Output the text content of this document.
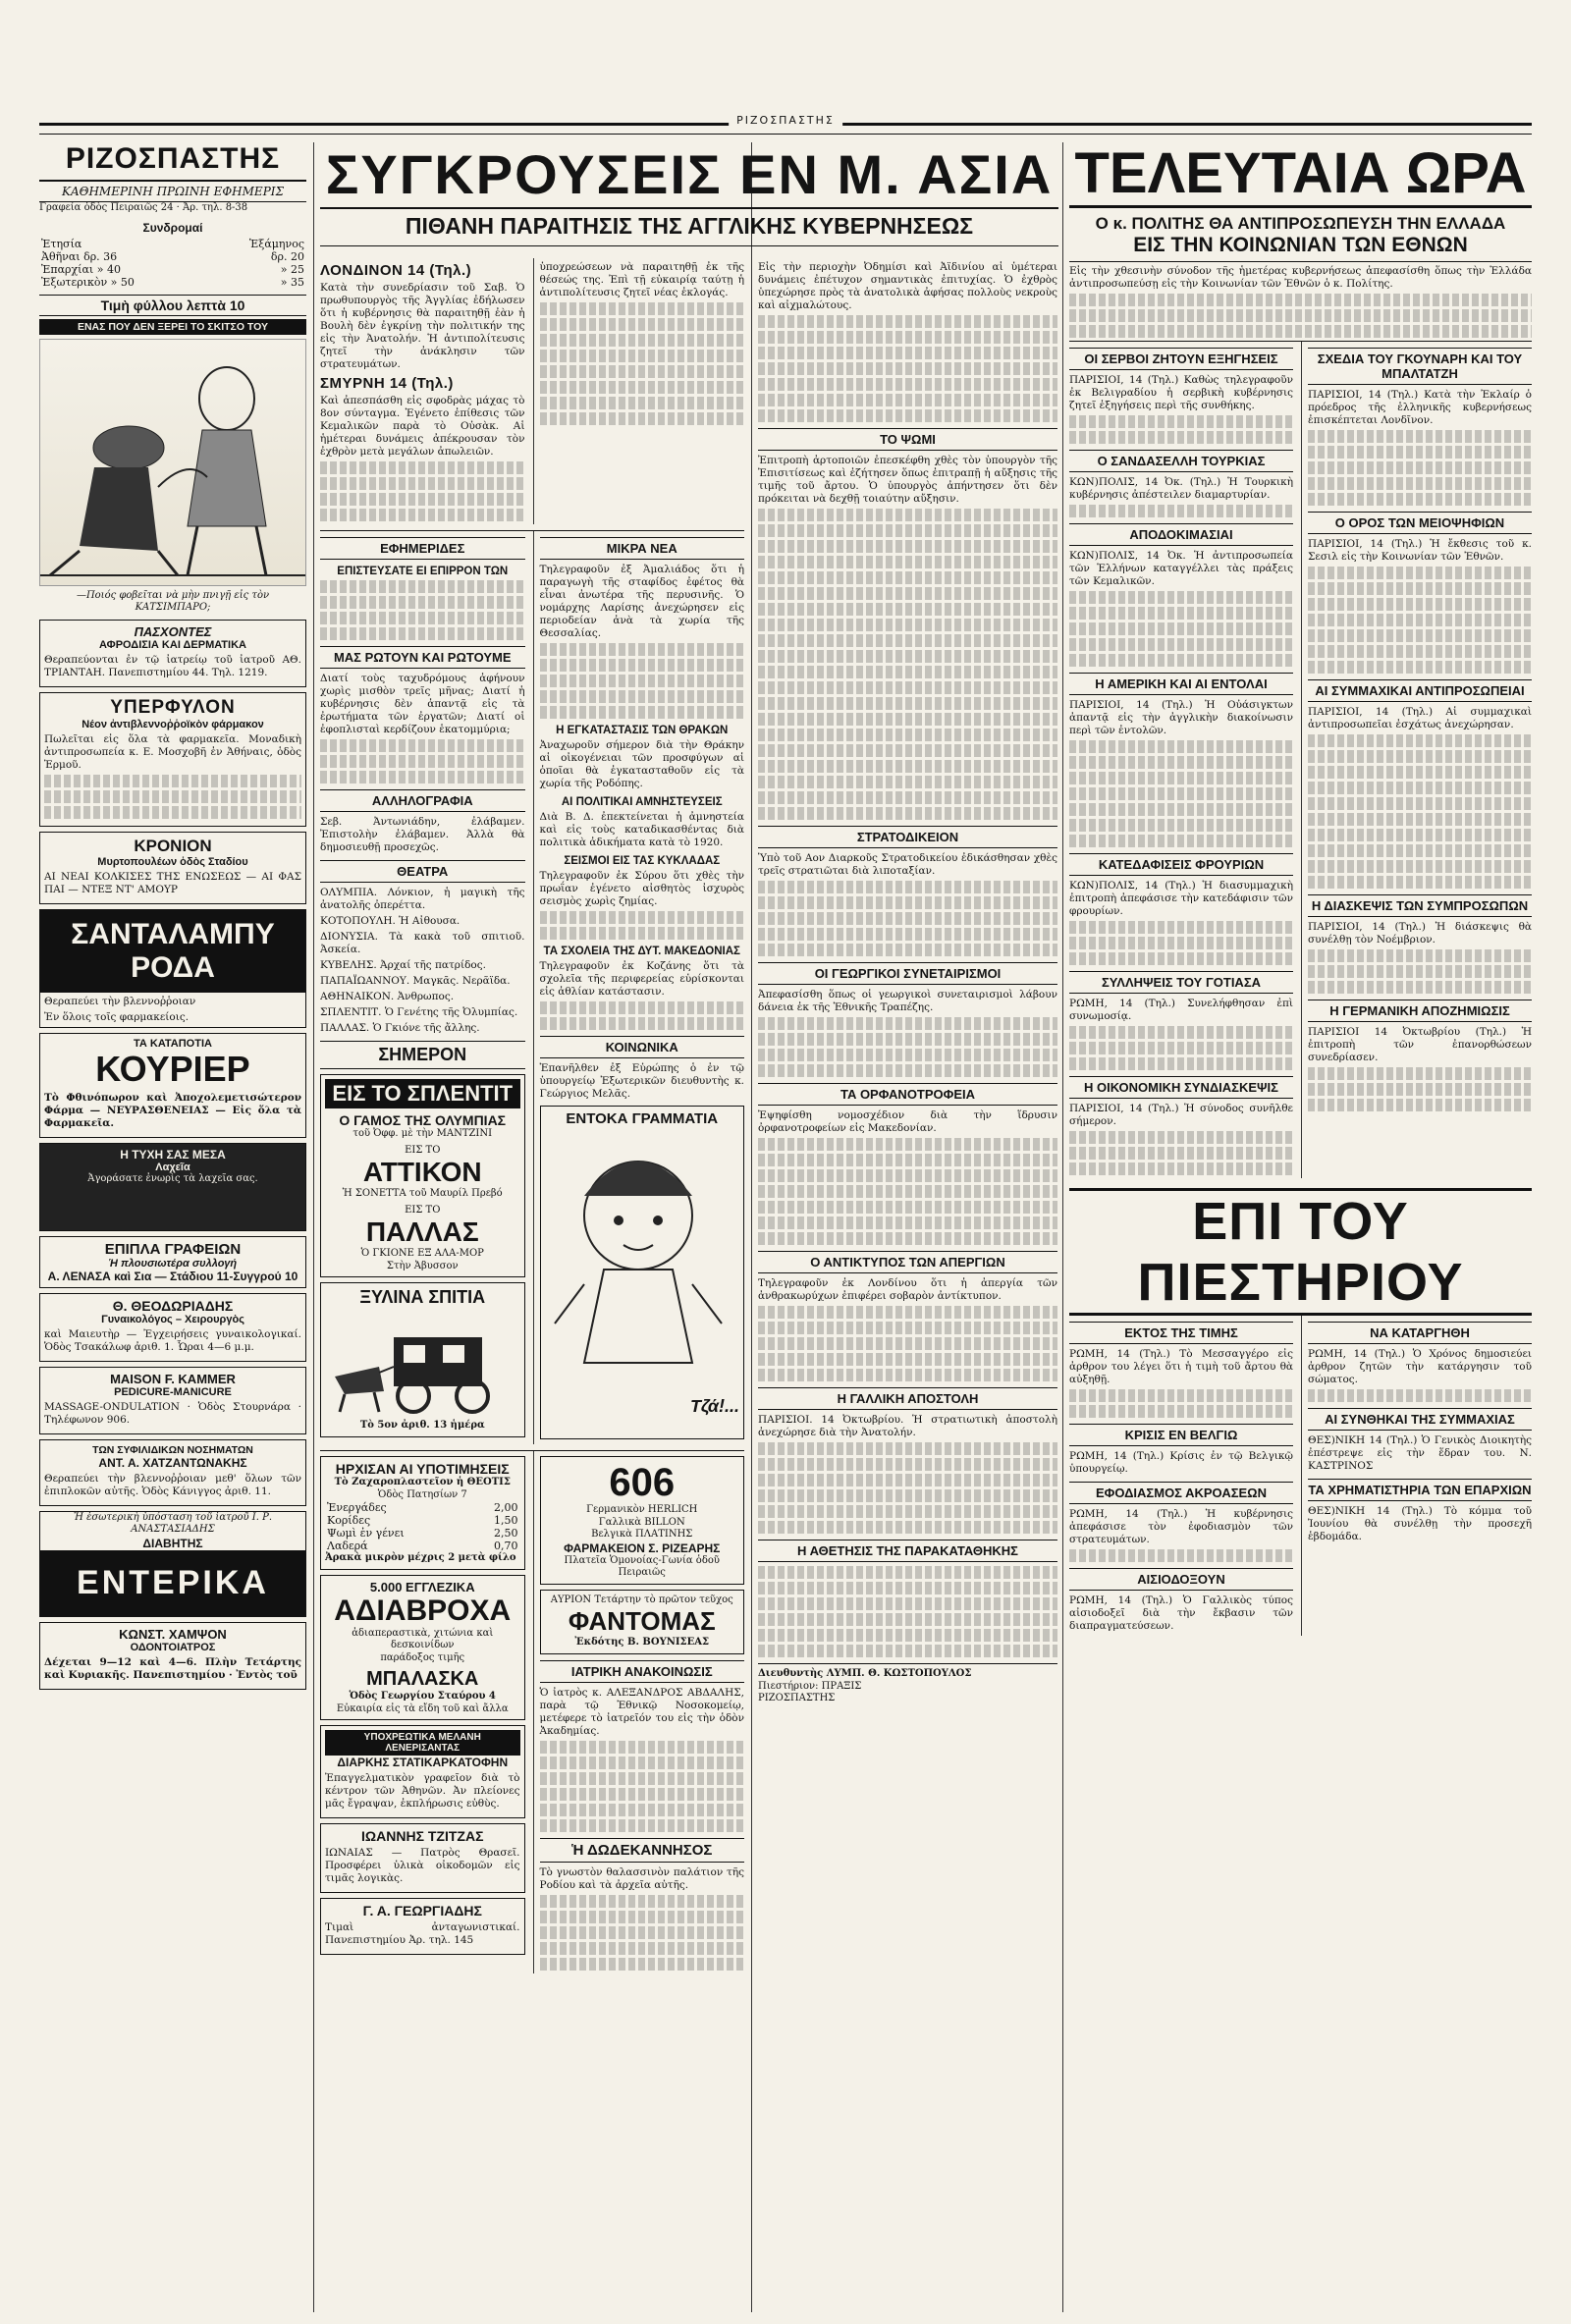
ΡΙΖΟΣΠΑΣΤΗΣ
ΡΙΖΟΣΠΑΣΤΗΣ
ΚΑΘΗΜΕΡΙΝΗ ΠΡΩΙΝΗ ΕΦΗΜΕΡΙΣ
Γραφεία ὁδὸς Πειραιῶς 24 · Ἀρ. τηλ. 8-38
Συνδρομαί
Ἐτησία	Ἑξάμηνος
Ἀθῆναι δρ. 36	δρ. 20
Ἐπαρχίαι » 40	» 25
Ἐξωτερικὸν » 50	» 35
Τιμὴ φύλλου λεπτὰ 10
ΕΝΑΣ ΠΟΥ ΔΕΝ ΞΕΡΕΙ ΤΟ ΣΚΙΤΣΟ ΤΟΥ
—Ποιός φοβεῖται νὰ μὴν πνιγῇ εἰς τὸν ΚΑΤΣΙΜΠΑΡΟ;
ΠΑΣΧΟΝΤΕΣ
ΑΦΡΟΔΙΣΙΑ ΚΑΙ ΔΕΡΜΑΤΙΚΑ
Θεραπεύονται ἐν τῷ ἰατρείῳ τοῦ ἰατροῦ ΑΘ. ΤΡΙΑΝΤΑΗ. Πανεπιστημίου 44. Τηλ. 1219.
ΥΠΕΡΦΥΛΟΝ
Νέον ἀντιβλεννοῤῥοϊκὸν φάρμακον
Πωλεῖται εἰς ὅλα τὰ φαρμακεῖα. Μοναδικὴ ἀντιπροσωπεία κ. Ε. Μοσχοβῆ ἐν Ἀθήναις, ὁδὸς Ἑρμοῦ.
ΚΡΟΝΙΟΝ
Μυρτοπουλέων ὁδὸς Σταδίου
ΑΙ ΝΕΑΙ ΚΟΛΚΙΣΕΣ ΤΗΣ ΕΝΩΣΕΩΣ — ΑΙ ΦΑΣ ΠΑΙ — ΝΤΕΞ ΝΤ' ΑΜΟΥΡ
ΣΑΝΤΑΛΑΜΠΥ ΡΟΔΑ
Θεραπεύει τὴν βλεννοῤῥοιαν
Ἐν ὅλοις τοῖς φαρμακείοις.
ΤΑ ΚΑΤΑΠΟΤΙΑ
ΚΟΥΡΙΕΡ
Τὸ Φθινόπωρον καὶ Ἀποχολεμετισώτερον Φάρμα — ΝΕΥΡΑΣΘΕΝΕΙΑΣ — Εἰς ὅλα τὰ Φαρμακεῖα.
Η ΤΥΧΗ ΣΑΣ ΜΕΣΑ
Λαχεῖα
Ἀγοράσατε ἐνωρὶς τὰ λαχεῖα σας.
ΕΠΙΠΛΑ ΓΡΑΦΕΙΩΝ
Ἡ πλουσιωτέρα συλλογή
Α. ΛΕΝΑΣΑ καὶ Σια — Στάδιου 11-Συγγρού 10
Θ. ΘΕΟΔΩΡΙΑΔΗΣ
Γυναικολόγος – Χειρουργὸς
καὶ Μαιευτὴρ — Ἐγχειρήσεις γυναικολογικαί. Ὁδὸς Τσακάλωφ ἀριθ. 1. Ὧραι 4—6 μ.μ.
MAISON F. KAMMER
PEDICURE-MANICURE
MASSAGE-ONDULATION · Ὁδὸς Στουρνάρα · Τηλέφωνον 906.
ΤΩΝ ΣΥΦΙΛΙΔΙΚΩΝ ΝΟΣΗΜΑΤΩΝ
ΑΝΤ. Α. ΧΑΤΖΑΝΤΩΝΑΚΗΣ
Θεραπεύει τὴν βλεννοῤῥοιαν μεθ' ὅλων τῶν ἐπιπλοκῶν αὐτῆς. Ὁδὸς Κάνιγγος ἀριθ. 11.
Ἡ ἐσωτερικὴ ὑπόσταση τοῦ ἰατροῦ Ι. Ρ. ΑΝΑΣΤΑΣΙΑΔΗΣ
ΔΙΑΒΗΤΗΣ
ΕΝΤΕΡΙΚΑ
ΚΩΝΣΤ. ΧΑΜΨΟΝ
ΟΔΟΝΤΟΙΑΤΡΟΣ
Δέχεται 9—12 καὶ 4—6. Πλὴν Τετάρτης καὶ Κυριακῆς. Πανεπιστημίου · Ἐντὸς τοῦ
ΣΥΓΚΡΟΥΣΕΙΣ ΕΝ Μ. ΑΣΙΑ
ΠΙΘΑΝΗ ΠΑΡΑΙΤΗΣΙΣ ΤΗΣ ΑΓΓΛΙΚΗΣ ΚΥΒΕΡΝΗΣΕΩΣ
ΛΟΝΔΙΝΟΝ 14 (Τηλ.)
Κατὰ τὴν συνεδρίασιν τοῦ Σαβ. Ὁ πρωθυπουργὸς τῆς Ἀγγλίας ἐδήλωσεν ὅτι ἡ κυβέρνησις θὰ παραιτηθῇ ἐὰν ἡ Βουλὴ δὲν ἐγκρίνῃ τὴν πολιτικήν της εἰς τὴν Ἀνατολήν. Ἡ ἀντιπολίτευσις ζητεῖ τὴν ἀνάκλησιν τῶν στρατευμάτων.
ΣΜΥΡΝΗ 14 (Τηλ.)
Καὶ ἀπεσπάσθη εἰς σφοδρὰς μάχας τὸ 8ον σύνταγμα. Ἐγένετο ἐπίθεσις τῶν Κεμαλικῶν παρὰ τὸ Οὐσὰκ. Αἱ ἡμέτεραι δυνάμεις ἀπέκρουσαν τὸν ἐχθρὸν μετὰ μεγάλων ἀπωλειῶν.
ὑποχρεώσεων νὰ παραιτηθῇ ἐκ τῆς θέσεώς της. Ἐπὶ τῇ εὐκαιρίᾳ ταύτῃ ἡ ἀντιπολίτευσις ζητεῖ νέας ἐκλογάς.
ΕΦΗΜΕΡΙΔΕΣ
ΕΠΙΣΤΕΥΣΑΤΕ ΕΙ ΕΠΙΡΡΟΝ ΤΩΝ
ΜΑΣ ΡΩΤΟΥΝ ΚΑΙ ΡΩΤΟΥΜΕ
Διατί τοὺς ταχυδρόμους ἀφήνουν χωρὶς μισθὸν τρεῖς μῆνας; Διατί ἡ κυβέρνησις δὲν ἀπαντᾷ εἰς τὰ ἐρωτήματα τῶν ἐργατῶν; Διατί οἱ ἐφοπλισταὶ κερδίζουν ἑκατομμύρια;
ΑΛΛΗΛΟΓΡΑΦΙΑ
Σεβ. Ἀντωνιάδην, ἐλάβαμεν. Ἐπιστολὴν ἐλάβαμεν. Ἀλλὰ θὰ δημοσιευθῇ προσεχῶς.
ΘΕΑΤΡΑ
ΟΛΥΜΠΙΑ. Λόνκιον, ἡ μαγικὴ τῆς ἀνατολῆς ὀπερέττα.
ΚΟΤΟΠΟΥΛΗ. Ἡ Αἰθουσα.
ΔΙΟΝΥΣΙΑ. Τὰ κακὰ τοῦ σπιτιοῦ. Ἀσκεία.
ΚΥΒΕΛΗΣ. Ἀρχαί τῆς πατρίδος.
ΠΑΠΑΪΩΑΝΝΟΥ. Μαγκᾶς. Νερᾶϊδα.
ΑΘΗΝΑΙΚΟΝ. Ἀνθρωπος.
ΣΠΛΕΝΤΙΤ. Ὁ Γενέτης τῆς Ὀλυμπίας.
ΠΑΛΛΑΣ. Ὁ Γκιόνε τῆς ἄλλης.
ΣΗΜΕΡΟΝ
ΕΙΣ ΤΟ ΣΠΛΕΝΤΙΤ
Ο ΓΑΜΟΣ ΤΗΣ ΟΛΥΜΠΙΑΣ
τοῦ Ὀφφ. μὲ τὴν ΜΑΝΤΖΙΝΙ
ΕΙΣ ΤΟ
ΑΤΤΙΚΟΝ
Ἡ ΣΟΝΕΤΤΑ τοῦ Μαυρίλ Πρεβό
ΕΙΣ ΤΟ
ΠΑΛΛΑΣ
Ὁ ΓΚΙΟΝΕ ΕΞ ΑΛΑ-ΜΟΡ
Στὴν Ἀβυσσον
ΞΥΛΙΝΑ ΣΠΙΤΙΑ
Τὸ 5ον ἀριθ. 13 ἡμέρα
ΜΙΚΡΑ ΝΕΑ
Τηλεγραφοῦν ἐξ Ἀμαλιάδος ὅτι ἡ παραγωγὴ τῆς σταφίδος ἐφέτος θὰ εἶναι ἀνωτέρα τῆς περυσινῆς. Ὁ νομάρχης Λαρίσης ἀνεχώρησεν εἰς περιοδείαν ἀνὰ τὰ χωρία τῆς Θεσσαλίας.
Η ΕΓΚΑΤΑΣΤΑΣΙΣ ΤΩΝ ΘΡΑΚΩΝ
Ἀναχωροῦν σήμερον διὰ τὴν Θράκην αἱ οἰκογένειαι τῶν προσφύγων αἱ ὁποῖαι θὰ ἐγκατασταθοῦν εἰς τὰ χωρία τῆς Ροδόπης.
ΑΙ ΠΟΛΙΤΙΚΑΙ ΑΜΝΗΣΤΕΥΣΕΙΣ
Διὰ Β. Δ. ἐπεκτείνεται ἡ ἀμνηστεία καὶ εἰς τοὺς καταδικασθέντας διὰ πολιτικὰ ἀδικήματα κατὰ τὸ 1920.
ΣΕΙΣΜΟΙ ΕΙΣ ΤΑΣ ΚΥΚΛΑΔΑΣ
Τηλεγραφοῦν ἐκ Σύρου ὅτι χθὲς τὴν πρωΐαν ἐγένετο αἰσθητὸς ἰσχυρὸς σεισμὸς χωρὶς ζημίας.
ΤΑ ΣΧΟΛΕΙΑ ΤΗΣ ΔΥΤ. ΜΑΚΕΔΟΝΙΑΣ
Τηλεγραφοῦν ἐκ Κοζάνης ὅτι τὰ σχολεῖα τῆς περιφερείας εὑρίσκονται εἰς ἀθλίαν κατάστασιν.
ΚΟΙΝΩΝΙΚΑ
Ἐπανῆλθεν ἐξ Εὐρώπης ὁ ἐν τῷ ὑπουργείῳ Ἐξωτερικῶν διευθυντὴς κ. Γεώργιος Μελᾶς.
ΕΝΤΟΚΑ ΓΡΑΜΜΑΤΙΑ
Τζά!...
ΗΡΧΙΣΑΝ ΑΙ ΥΠΟΤΙΜΗΣΕΙΣ
Τὸ Ζαχαροπλαστεῖον ἡ ΘΕΟΤΙΣ
Ὁδὸς Πατησίων 7
Ἐνεργάδες	2,00
Κορίδες	1,50
Ψωμὶ ἐν γένει	2,50
Λαδερά	0,70
Ἀρακὰ μικρὸν μέχρις 2 μετὰ φίλο
5.000 ΕΓΓΛΕΖΙΚΑ
ΑΔΙΑΒΡΟΧΑ
ἀδιαπεραστικὰ, χιτώνια καὶ δεσκοινίδων
παράδοξος τιμῆς
ΜΠΑΛΑΣΚΑ
Ὁδὸς Γεωργίου Σταύρου 4
Εὐκαιρία εἰς τὰ εἴδη τοῦ καὶ ἄλλα
ΥΠΟΧΡΕΩΤΙΚΑ ΜΕΛΑΝΗ ΛΕΝΕΡΙΣΑΝΤΑΣ
ΔΙΑΡΚΗΣ ΣΤΑΤΙΚΑΡΚΑΤΟΦΗΝ
Ἐπαγγελματικὸν γραφεῖον διὰ τὸ κέντρον τῶν Ἀθηνῶν. Ἀν πλείονες μᾶς ἔγραψαν, ἐκπλήρωσις εὐθὺς.
ΙΩΑΝΝΗΣ ΤΖΙΤΖΑΣ
ΙΩΝΑΙΑΣ — Πατρὸς Θρασεῖ. Προσφέρει ὑλικὰ οἰκοδομῶν εἰς τιμᾶς λογικὰς.
Γ. Α. ΓΕΩΡΓΙΑΔΗΣ
Τιμαὶ ἀνταγωνιστικαί. Πανεπιστημίου Ἀρ. τηλ. 145
606
Γερμανικὸν HERLICH
Γαλλικὰ BILLON
Βελγικὰ ΠΛΑΤΙΝΗΣ
ΦΑΡΜΑΚΕΙΟΝ Σ. ΡΙΖΕΑΡΗΣ
Πλατεῖα Ὁμονοίας-Γωνία ὁδοῦ Πειραιῶς
ΑΥΡΙΟΝ Τετάρτην τὸ πρῶτον τεῦχος
ΦΑΝΤΟΜΑΣ
Ἐκδότης Β. ΒΟΥΝΙΣΕΑΣ
ΙΑΤΡΙΚΗ ΑΝΑΚΟΙΝΩΣΙΣ
Ὁ ἰατρὸς κ. ΑΛΕΞΑΝΔΡΟΣ ΑΒΔΑΛΗΣ, παρὰ τῷ Ἐθνικῷ Νοσοκομείῳ, μετέφερε τὸ ἰατρεῖόν του εἰς τὴν ὁδὸν Ἀκαδημίας.
Ἡ ΔΩΔΕΚΑΝΝΗΣΟΣ
Τὸ γνωστὸν θαλασσινὸν παλάτιον τῆς Ροδίου καὶ τὰ ἀρχεῖα αὐτῆς.
Εἰς τὴν περιοχὴν Ὀδημίσι καὶ Ἀϊδινίου αἱ ὑμέτεραι δυνάμεις ἐπέτυχον σημαντικὰς ἐπιτυχίας. Ὁ ἐχθρὸς ὑπεχώρησε πρὸς τὰ ἀνατολικὰ ἀφήσας πολλοὺς νεκροὺς καὶ αἰχμαλώτους.
ΤΟ ΨΩΜΙ
Ἐπιτροπὴ ἀρτοποιῶν ἐπεσκέφθη χθὲς τὸν ὑπουργὸν τῆς Ἐπισιτίσεως καὶ ἐζήτησεν ὅπως ἐπιτραπῇ ἡ αὔξησις τῆς τιμῆς τοῦ ἄρτου. Ὁ ὑπουργὸς ἀπήντησεν ὅτι δὲν πρόκειται νὰ δεχθῇ τοιαύτην αὔξησιν.
ΣΤΡΑΤΟΔΙΚΕΙΟΝ
Ὑπὸ τοῦ Αον Διαρκοῦς Στρατοδικείου ἐδικάσθησαν χθὲς τρεῖς στρατιῶται διὰ λιποταξίαν.
ΟΙ ΓΕΩΡΓΙΚΟΙ ΣΥΝΕΤΑΙΡΙΣΜΟΙ
Ἀπεφασίσθη ὅπως οἱ γεωργικοὶ συνεταιρισμοὶ λάβουν δάνεια ἐκ τῆς Ἐθνικῆς Τραπέζης.
ΤΑ ΟΡΦΑΝΟΤΡΟΦΕΙΑ
Ἐψηφίσθη νομοσχέδιον διὰ τὴν ἵδρυσιν ὀρφανοτροφείων εἰς Μακεδονίαν.
Ο ΑΝΤΙΚΤΥΠΟΣ ΤΩΝ ΑΠΕΡΓΙΩΝ
Τηλεγραφοῦν ἐκ Λονδίνου ὅτι ἡ ἀπεργία τῶν ἀνθρακωρύχων ἐπιφέρει σοβαρὸν ἀντίκτυπον.
Η ΓΑΛΛΙΚΗ ΑΠΟΣΤΟΛΗ
ΠΑΡΙΣΙΟΙ. 14 Ὀκτωβρίου. Ἡ στρατιωτικὴ ἀποστολὴ ἀνεχώρησε διὰ τὴν Ἀνατολήν.
Η ΑΘΕΤΗΣΙΣ ΤΗΣ ΠΑΡΑΚΑΤΑΘΗΚΗΣ
Διευθυντὴς ΛΥΜΠ. Θ. ΚΩΣΤΟΠΟΥΛΟΣ
Πιεστήριον: ΠΡΑΞΙΣ
ΡΙΖΟΣΠΑΣΤΗΣ
ΤΕΛΕΥΤΑΙΑ ΩΡΑ
Ο κ. ΠΟΛΙΤΗΣ ΘΑ ΑΝΤΙΠΡΟΣΩΠΕΥΣΗ ΤΗΝ ΕΛΛΑΔΑ
ΕΙΣ ΤΗΝ ΚΟΙΝΩΝΙΑΝ ΤΩΝ ΕΘΝΩΝ
Εἰς τὴν χθεσινὴν σύνοδον τῆς ἡμετέρας κυβερνήσεως ἀπεφασίσθη ὅπως τὴν Ἑλλάδα ἀντιπροσωπεύσῃ εἰς τὴν Κοινωνίαν τῶν Ἐθνῶν ὁ κ. Πολίτης.
ΟΙ ΣΕΡΒΟΙ ΖΗΤΟΥΝ ΕΞΗΓΗΣΕΙΣ
ΠΑΡΙΣΙΟΙ, 14 (Τηλ.) Καθὼς τηλεγραφοῦν ἐκ Βελιγραδίου ἡ σερβικὴ κυβέρνησις ζητεῖ ἐξηγήσεις περὶ τῆς συνθήκης.
Ο ΣΑΝΔΑΣΕΛΛΗ ΤΟΥΡΚΙΑΣ
ΚΩΝ)ΠΟΛΙΣ, 14 Ὀκ. (Τηλ.) Ἡ Τουρκικὴ κυβέρνησις ἀπέστειλεν διαμαρτυρίαν.
ΑΠΟΔΟΚΙΜΑΣΙΑΙ
ΚΩΝ)ΠΟΛΙΣ, 14 Ὀκ. Ἡ ἀντιπροσωπεία τῶν Ἑλλήνων καταγγέλλει τὰς πράξεις τῶν Κεμαλικῶν.
Η ΑΜΕΡΙΚΗ ΚΑΙ ΑΙ ΕΝΤΟΛΑΙ
ΠΑΡΙΣΙΟΙ, 14 (Τηλ.) Ἡ Οὐάσιγκτων ἀπαντᾷ εἰς τὴν ἀγγλικὴν διακοίνωσιν περὶ τῶν ἐντολῶν.
ΚΑΤΕΔΑΦΙΣΕΙΣ ΦΡΟΥΡΙΩΝ
ΚΩΝ)ΠΟΛΙΣ, 14 (Τηλ.) Ἡ διασυμμαχικὴ ἐπιτροπὴ ἀπεφάσισε τὴν κατεδάφισιν τῶν φρουρίων.
ΣΥΛΛΗΨΕΙΣ ΤΟΥ ΓΟΤΙΑΣΑ
ΡΩΜΗ, 14 (Τηλ.) Συνελήφθησαν ἐπὶ συνωμοσίᾳ.
Η ΟΙΚΟΝΟΜΙΚΗ ΣΥΝΔΙΑΣΚΕΨΙΣ
ΠΑΡΙΣΙΟΙ, 14 (Τηλ.) Ἡ σύνοδος συνῆλθε σήμερον.
ΣΧΕΔΙΑ ΤΟΥ ΓΚΟΥΝΑΡΗ ΚΑΙ ΤΟΥ ΜΠΑΛΤΑΤΖΗ
ΠΑΡΙΣΙΟΙ, 14 (Τηλ.) Κατὰ τὴν Ἐκλαίρ ὁ πρόεδρος τῆς ἑλληνικῆς κυβερνήσεως ἐπισκέπτεται Λονδῖνον.
Ο ΟΡΟΣ ΤΩΝ ΜΕΙΟΨΗΦΙΩΝ
ΠΑΡΙΣΙΟΙ, 14 (Τηλ.) Ἡ ἔκθεσις τοῦ κ. Σεσιλ εἰς τὴν Κοινωνίαν τῶν Ἐθνῶν.
ΑΙ ΣΥΜΜΑΧΙΚΑΙ ΑΝΤΙΠΡΟΣΩΠΕΙΑΙ
ΠΑΡΙΣΙΟΙ, 14 (Τηλ.) Αἱ συμμαχικαὶ ἀντιπροσωπεῖαι ἐσχάτως ἀνεχώρησαν.
Η ΔΙΑΣΚΕΨΙΣ ΤΩΝ ΣΥΜΠΡΟΣΩΠΩΝ
ΠΑΡΙΣΙΟΙ, 14 (Τηλ.) Ἡ διάσκεψις θὰ συνέλθῃ τὸν Νοέμβριον.
Η ΓΕΡΜΑΝΙΚΗ ΑΠΟΖΗΜΙΩΣΙΣ
ΠΑΡΙΣΙΟΙ 14 Ὀκτωβρίου (Τηλ.) Ἡ ἐπιτροπὴ τῶν ἐπανορθώσεων συνεδρίασεν.
ΕΠΙ ΤΟΥ ΠΙΕΣΤΗΡΙΟΥ
ΕΚΤΟΣ ΤΗΣ ΤΙΜΗΣ
ΡΩΜΗ, 14 (Τηλ.) Τὸ Μεσσαγγέρο εἰς ἀρθρον του λέγει ὅτι ἡ τιμὴ τοῦ ἄρτου θὰ αὐξηθῇ.
ΚΡΙΣΙΣ ΕΝ ΒΕΛΓΙΩ
ΡΩΜΗ, 14 (Τηλ.) Κρίσις ἐν τῷ Βελγικῷ ὑπουργείῳ.
ΕΦΟΔΙΑΣΜΟΣ ΑΚΡΟΑΣΕΩΝ
ΡΩΜΗ, 14 (Τηλ.) Ἡ κυβέρνησις ἀπεφάσισε τὸν ἐφοδιασμὸν τῶν στρατευμάτων.
ΑΙΣΙΟΔΟΞΟΥΝ
ΡΩΜΗ, 14 (Τηλ.) Ὁ Γαλλικὸς τύπος αἰσιοδοξεῖ διὰ τὴν ἔκβασιν τῶν διαπραγματεύσεων.
ΝΑ ΚΑΤΑΡΓΗΘΗ
ΡΩΜΗ, 14 (Τηλ.) Ὁ Χρόνος δημοσιεύει ἀρθρον ζητῶν τὴν κατάργησιν τοῦ σώματος.
ΑΙ ΣΥΝΘΗΚΑΙ ΤΗΣ ΣΥΜΜΑΧΙΑΣ
ΘΕΣ)ΝΙΚΗ 14 (Τηλ.) Ὁ Γενικὸς Διοικητὴς ἐπέστρεψε εἰς τὴν ἕδραν του. Ν. ΚΑΣΤΡΙΝΟΣ
ΤΑ ΧΡΗΜΑΤΙΣΤΗΡΙΑ ΤΩΝ ΕΠΑΡΧΙΩΝ
ΘΕΣ)ΝΙΚΗ 14 (Τηλ.) Τὸ κόμμα τοῦ Ἰουνίου θὰ συνέλθῃ τὴν προσεχῆ ἑβδομάδα.
